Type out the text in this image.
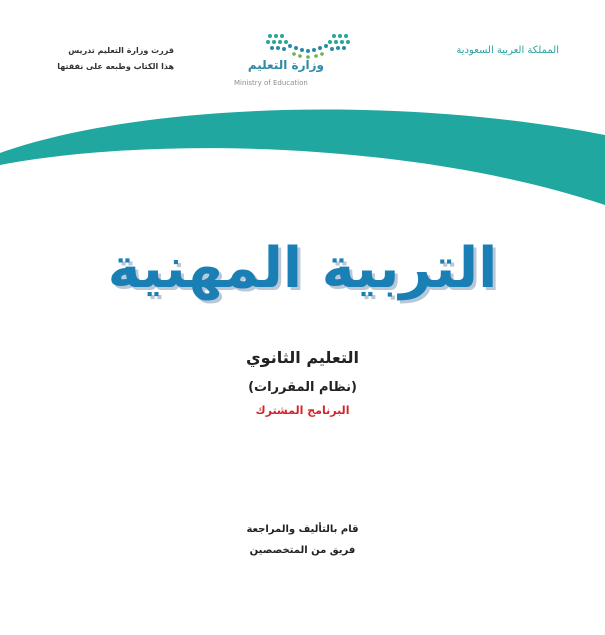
قررت وزارة التعليم تدريس
هذا الكتاب وطبعه على نفقتها
المملكة العربية السعودية
وزارة التعليم
Ministry of Education
التربية المهنية
التعليم الثانوي
(نظام المقررات)
البرنامج المشترك
قام بالتأليف والمراجعة
فريق من المتخصصين
